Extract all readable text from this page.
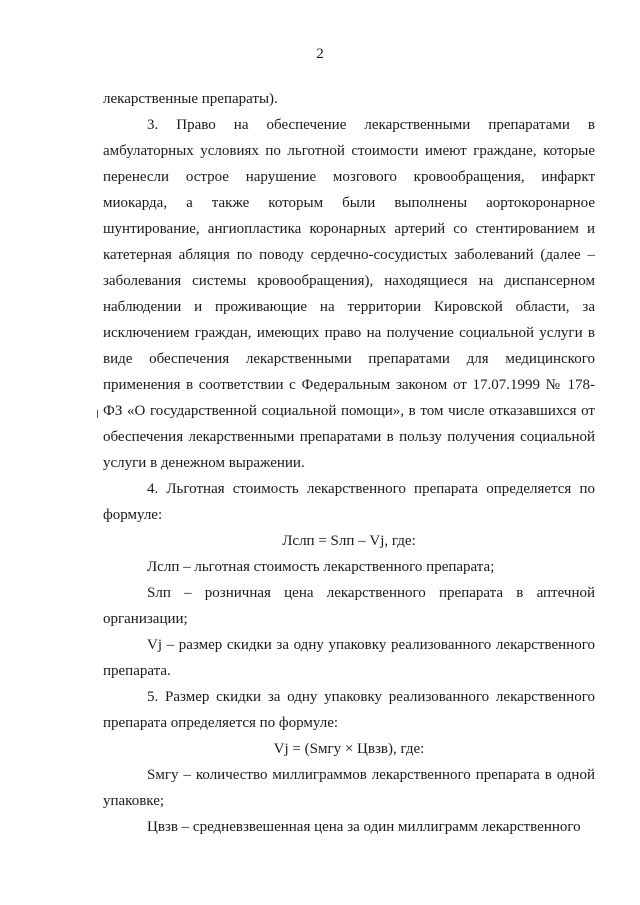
2

лекарственные препараты).

3. Право на обеспечение лекарственными препаратами в амбулаторных условиях по льготной стоимости имеют граждане, которые перенесли острое нарушение мозгового кровообращения, инфаркт миокарда, а также которым были выполнены аортокоронарное шунтирование, ангиопластика коронарных артерий со стентированием и катетерная абляция по поводу сердечно-сосудистых заболеваний (далее – заболевания системы кровообращения), находящиеся на диспансерном наблюдении и проживающие на территории Кировской области, за исключением граждан, имеющих право на получение социальной услуги в виде обеспечения лекарственными препаратами для медицинского применения в соответствии с Федеральным законом от 17.07.1999 № 178-ФЗ «О государственной социальной помощи», в том числе отказавшихся от обеспечения лекарственными препаратами в пользу получения социальной услуги в денежном выражении.

4. Льготная стоимость лекарственного препарата определяется по формуле:

Лслп = Sлп – Vj, где:

Лслп – льготная стоимость лекарственного препарата;

Sлп – розничная цена лекарственного препарата в аптечной организации;

Vj – размер скидки за одну упаковку реализованного лекарственного препарата.

5. Размер скидки за одну упаковку реализованного лекарственного препарата определяется по формуле:

Vj = (Sмгу × Цвзв), где:

Sмгу – количество миллиграммов лекарственного препарата в одной упаковке;

Цвзв – средневзвешенная цена за один миллиграмм лекарственного
